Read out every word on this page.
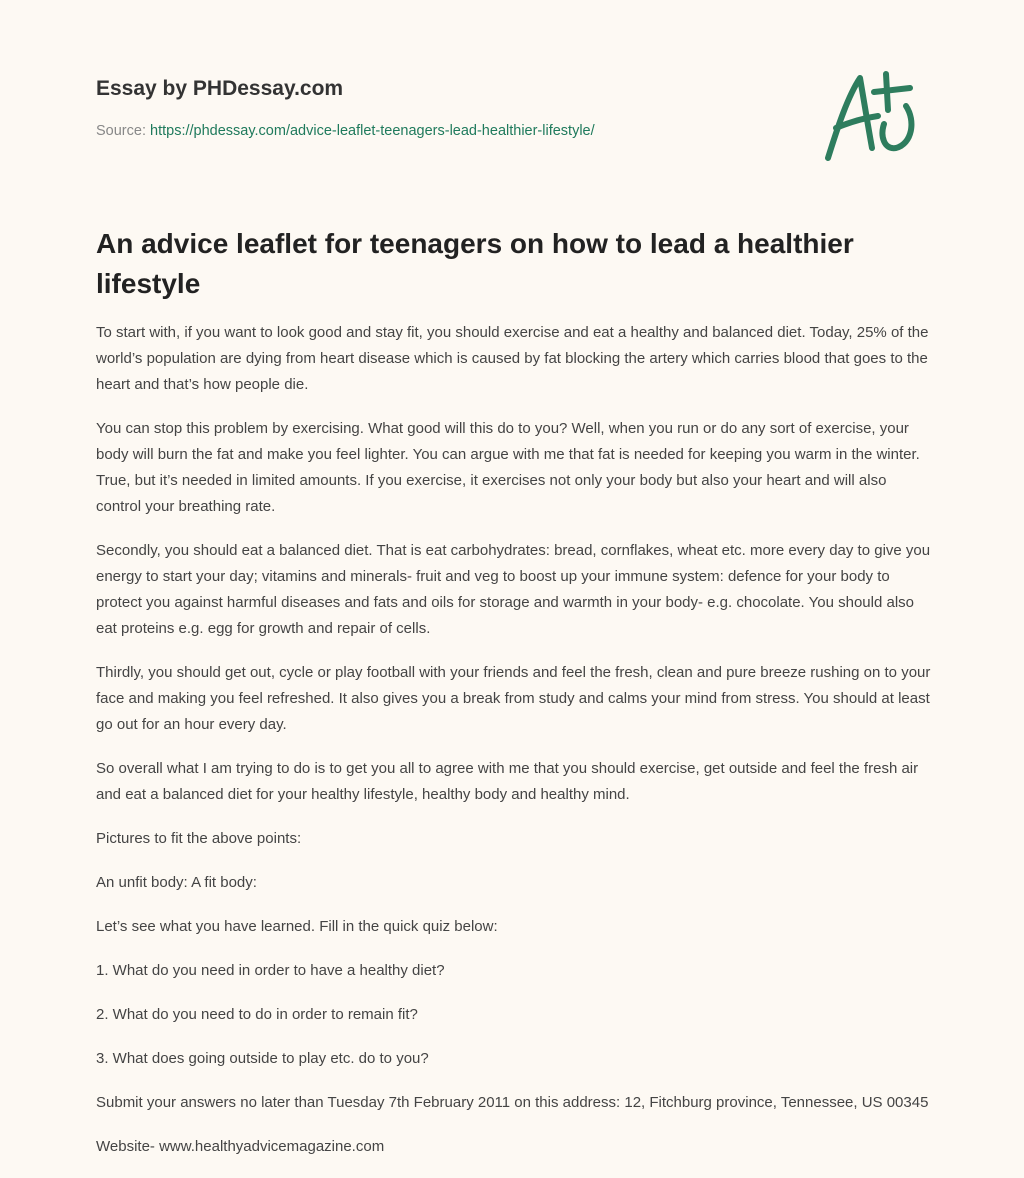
Essay by PHDessay.com
Source: https://phdessay.com/advice-leaflet-teenagers-lead-healthier-lifestyle/
An advice leaflet for teenagers on how to lead a healthier lifestyle

To start with, if you want to look good and stay fit, you should exercise and eat a healthy and balanced diet. Today, 25% of the world’s population are dying from heart disease which is caused by fat blocking the artery which carries blood that goes to the heart and that’s how people die.

You can stop this problem by exercising. What good will this do to you? Well, when you run or do any sort of exercise, your body will burn the fat and make you feel lighter. You can argue with me that fat is needed for keeping you warm in the winter. True, but it’s needed in limited amounts. If you exercise, it exercises not only your body but also your heart and will also control your breathing rate.

Secondly, you should eat a balanced diet. That is eat carbohydrates: bread, cornflakes, wheat etc. more every day to give you energy to start your day; vitamins and minerals- fruit and veg to boost up your immune system: defence for your body to protect you against harmful diseases and fats and oils for storage and warmth in your body- e.g. chocolate. You should also eat proteins e.g. egg for growth and repair of cells.

Thirdly, you should get out, cycle or play football with your friends and feel the fresh, clean and pure breeze rushing on to your face and making you feel refreshed. It also gives you a break from study and calms your mind from stress. You should at least go out for an hour every day.

So overall what I am trying to do is to get you all to agree with me that you should exercise, get outside and feel the fresh air and eat a balanced diet for your healthy lifestyle, healthy body and healthy mind.

Pictures to fit the above points:

An unfit body: A fit body:

Let’s see what you have learned. Fill in the quick quiz below:

1. What do you need in order to have a healthy diet?

2. What do you need to do in order to remain fit?

3. What does going outside to play etc. do to you?

Submit your answers no later than Tuesday 7th February 2011 on this address: 12, Fitchburg province, Tennessee, US 00345

Website- www.healthyadvicemagazine.com
